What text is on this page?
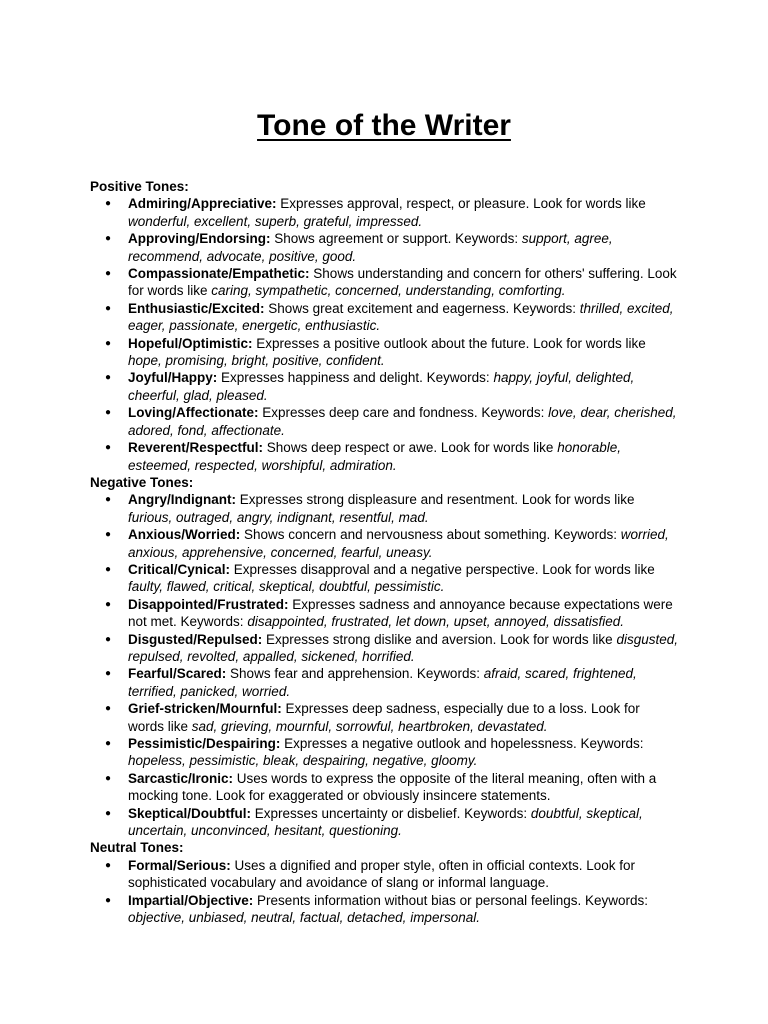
Tone of the Writer

Positive Tones:

● Admiring/Appreciative: Expresses approval, respect, or pleasure. Look for words like wonderful, excellent, superb, grateful, impressed.
● Approving/Endorsing: Shows agreement or support. Keywords: support, agree, recommend, advocate, positive, good.
● Compassionate/Empathetic: Shows understanding and concern for others' suffering. Look for words like caring, sympathetic, concerned, understanding, comforting.
● Enthusiastic/Excited: Shows great excitement and eagerness. Keywords: thrilled, excited, eager, passionate, energetic, enthusiastic.
● Hopeful/Optimistic: Expresses a positive outlook about the future. Look for words like hope, promising, bright, positive, confident.
● Joyful/Happy: Expresses happiness and delight. Keywords: happy, joyful, delighted, cheerful, glad, pleased.
● Loving/Affectionate: Expresses deep care and fondness. Keywords: love, dear, cherished, adored, fond, affectionate.
● Reverent/Respectful: Shows deep respect or awe. Look for words like honorable, esteemed, respected, worshipful, admiration.

Negative Tones:

● Angry/Indignant: Expresses strong displeasure and resentment. Look for words like furious, outraged, angry, indignant, resentful, mad.
● Anxious/Worried: Shows concern and nervousness about something. Keywords: worried, anxious, apprehensive, concerned, fearful, uneasy.
● Critical/Cynical: Expresses disapproval and a negative perspective. Look for words like faulty, flawed, critical, skeptical, doubtful, pessimistic.
● Disappointed/Frustrated: Expresses sadness and annoyance because expectations were not met. Keywords: disappointed, frustrated, let down, upset, annoyed, dissatisfied.
● Disgusted/Repulsed: Expresses strong dislike and aversion. Look for words like disgusted, repulsed, revolted, appalled, sickened, horrified.
● Fearful/Scared: Shows fear and apprehension. Keywords: afraid, scared, frightened, terrified, panicked, worried.
● Grief-stricken/Mournful: Expresses deep sadness, especially due to a loss. Look for words like sad, grieving, mournful, sorrowful, heartbroken, devastated.
● Pessimistic/Despairing: Expresses a negative outlook and hopelessness. Keywords: hopeless, pessimistic, bleak, despairing, negative, gloomy.
● Sarcastic/Ironic: Uses words to express the opposite of the literal meaning, often with a mocking tone. Look for exaggerated or obviously insincere statements.
● Skeptical/Doubtful: Expresses uncertainty or disbelief. Keywords: doubtful, skeptical, uncertain, unconvinced, hesitant, questioning.

Neutral Tones:

● Formal/Serious: Uses a dignified and proper style, often in official contexts. Look for sophisticated vocabulary and avoidance of slang or informal language.
● Impartial/Objective: Presents information without bias or personal feelings. Keywords: objective, unbiased, neutral, factual, detached, impersonal.
